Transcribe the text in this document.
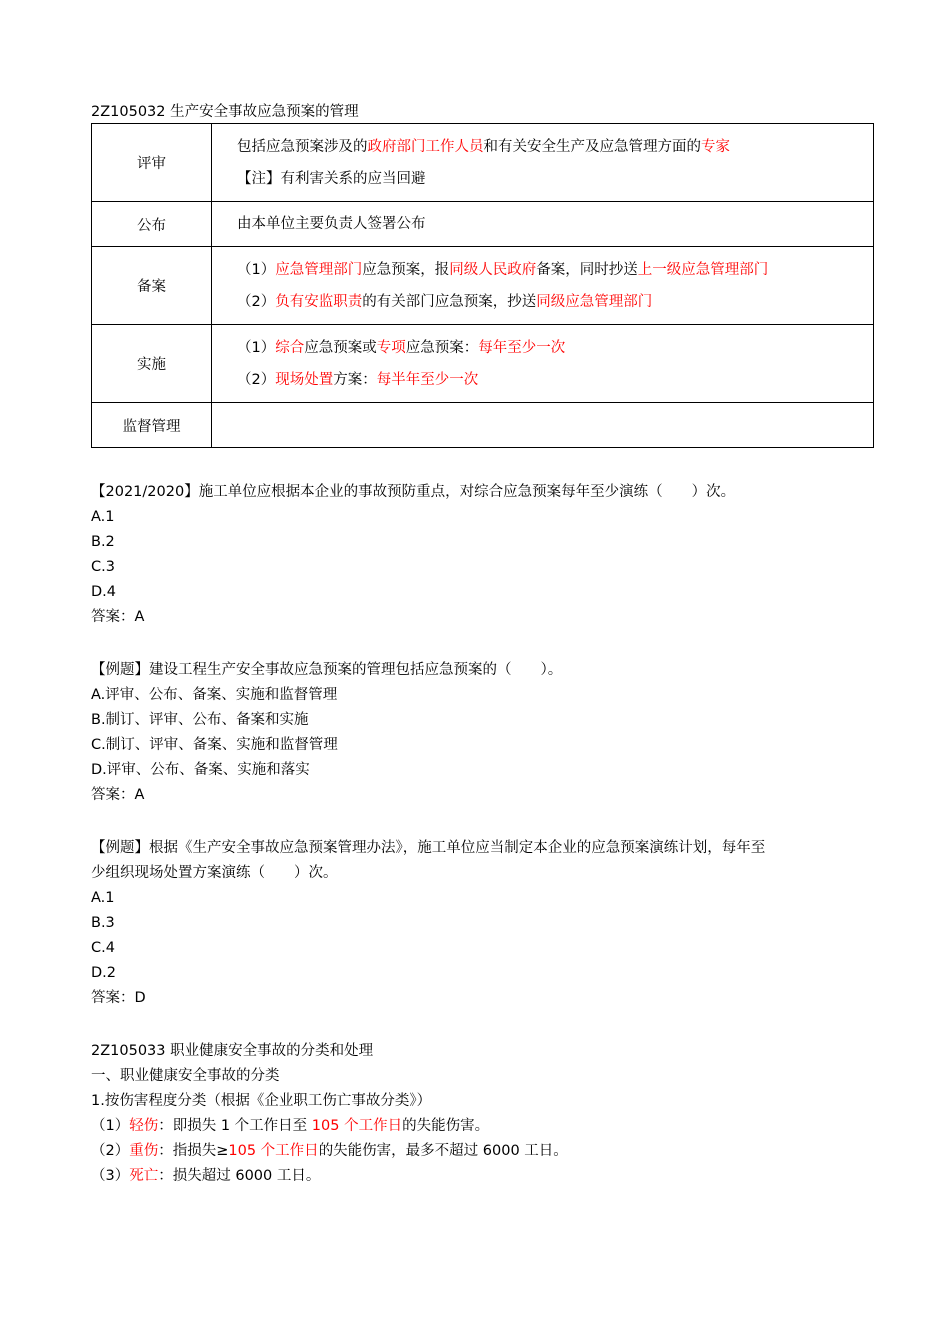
2Z105032 生产安全事故应急预案的管理
评审	包括应急预案涉及的政府部门工作人员和有关安全生产及应急管理方面的专家
【注】有利害关系的应当回避

公布	由本单位主要负责人签署公布

备案	（1）应急管理部门应急预案，报同级人民政府备案，同时抄送上一级应急管理部门
（2）负有安监职责的有关部门应急预案，抄送同级应急管理部门

实施	（1）综合应急预案或专项应急预案：每年至少一次
（2）现场处置方案：每半年至少一次

监督管理	
【2021/2020】施工单位应根据本企业的事故预防重点，对综合应急预案每年至少演练（　　）次。
A.1
B.2
C.3
D.4
答案：A
【例题】建设工程生产安全事故应急预案的管理包括应急预案的（　　）。
A.评审、公布、备案、实施和监督管理
B.制订、评审、公布、备案和实施
C.制订、评审、备案、实施和监督管理
D.评审、公布、备案、实施和落实
答案：A
【例题】根据《生产安全事故应急预案管理办法》，施工单位应当制定本企业的应急预案演练计划，每年至
少组织现场处置方案演练（　　）次。
A.1
B.3
C.4
D.2
答案：D
2Z105033 职业健康安全事故的分类和处理
一、职业健康安全事故的分类
1.按伤害程度分类（根据《企业职工伤亡事故分类》）
（1）轻伤：即损失 1 个工作日至 105 个工作日的失能伤害。
（2）重伤：指损失≥105 个工作日的失能伤害，最多不超过 6000 工日。
（3）死亡：损失超过 6000 工日。
